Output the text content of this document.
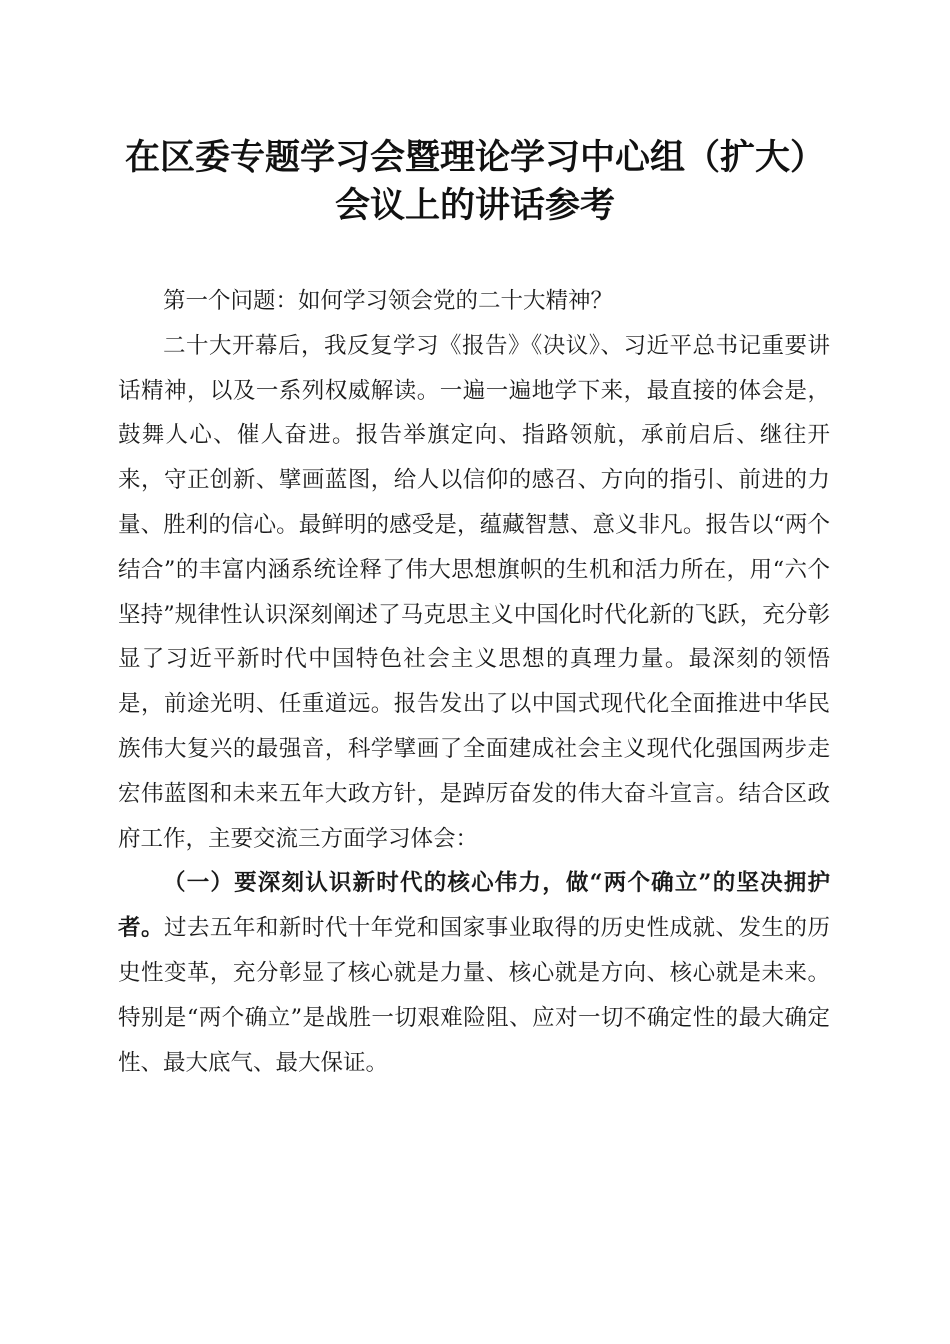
在区委专题学习会暨理论学习中心组（扩大）
会议上的讲话参考

第一个问题：如何学习领会党的二十大精神？

二十大开幕后，我反复学习《报告》《决议》、习近平总书记重要讲话精神，以及一系列权威解读。一遍一遍地学下来，最直接的体会是，鼓舞人心、催人奋进。报告举旗定向、指路领航，承前启后、继往开来，守正创新、擘画蓝图，给人以信仰的感召、方向的指引、前进的力量、胜利的信心。最鲜明的感受是，蕴藏智慧、意义非凡。报告以“两个结合”的丰富内涵系统诠释了伟大思想旗帜的生机和活力所在，用“六个坚持”规律性认识深刻阐述了马克思主义中国化时代化新的飞跃，充分彰显了习近平新时代中国特色社会主义思想的真理力量。最深刻的领悟是，前途光明、任重道远。报告发出了以中国式现代化全面推进中华民族伟大复兴的最强音，科学擘画了全面建成社会主义现代化强国两步走宏伟蓝图和未来五年大政方针，是踔厉奋发的伟大奋斗宣言。结合区政府工作，主要交流三方面学习体会：

（一）要深刻认识新时代的核心伟力，做“两个确立”的坚决拥护者。过去五年和新时代十年党和国家事业取得的历史性成就、发生的历史性变革，充分彰显了核心就是力量、核心就是方向、核心就是未来。特别是“两个确立”是战胜一切艰难险阻、应对一切不确定性的最大确定性、最大底气、最大保证。
